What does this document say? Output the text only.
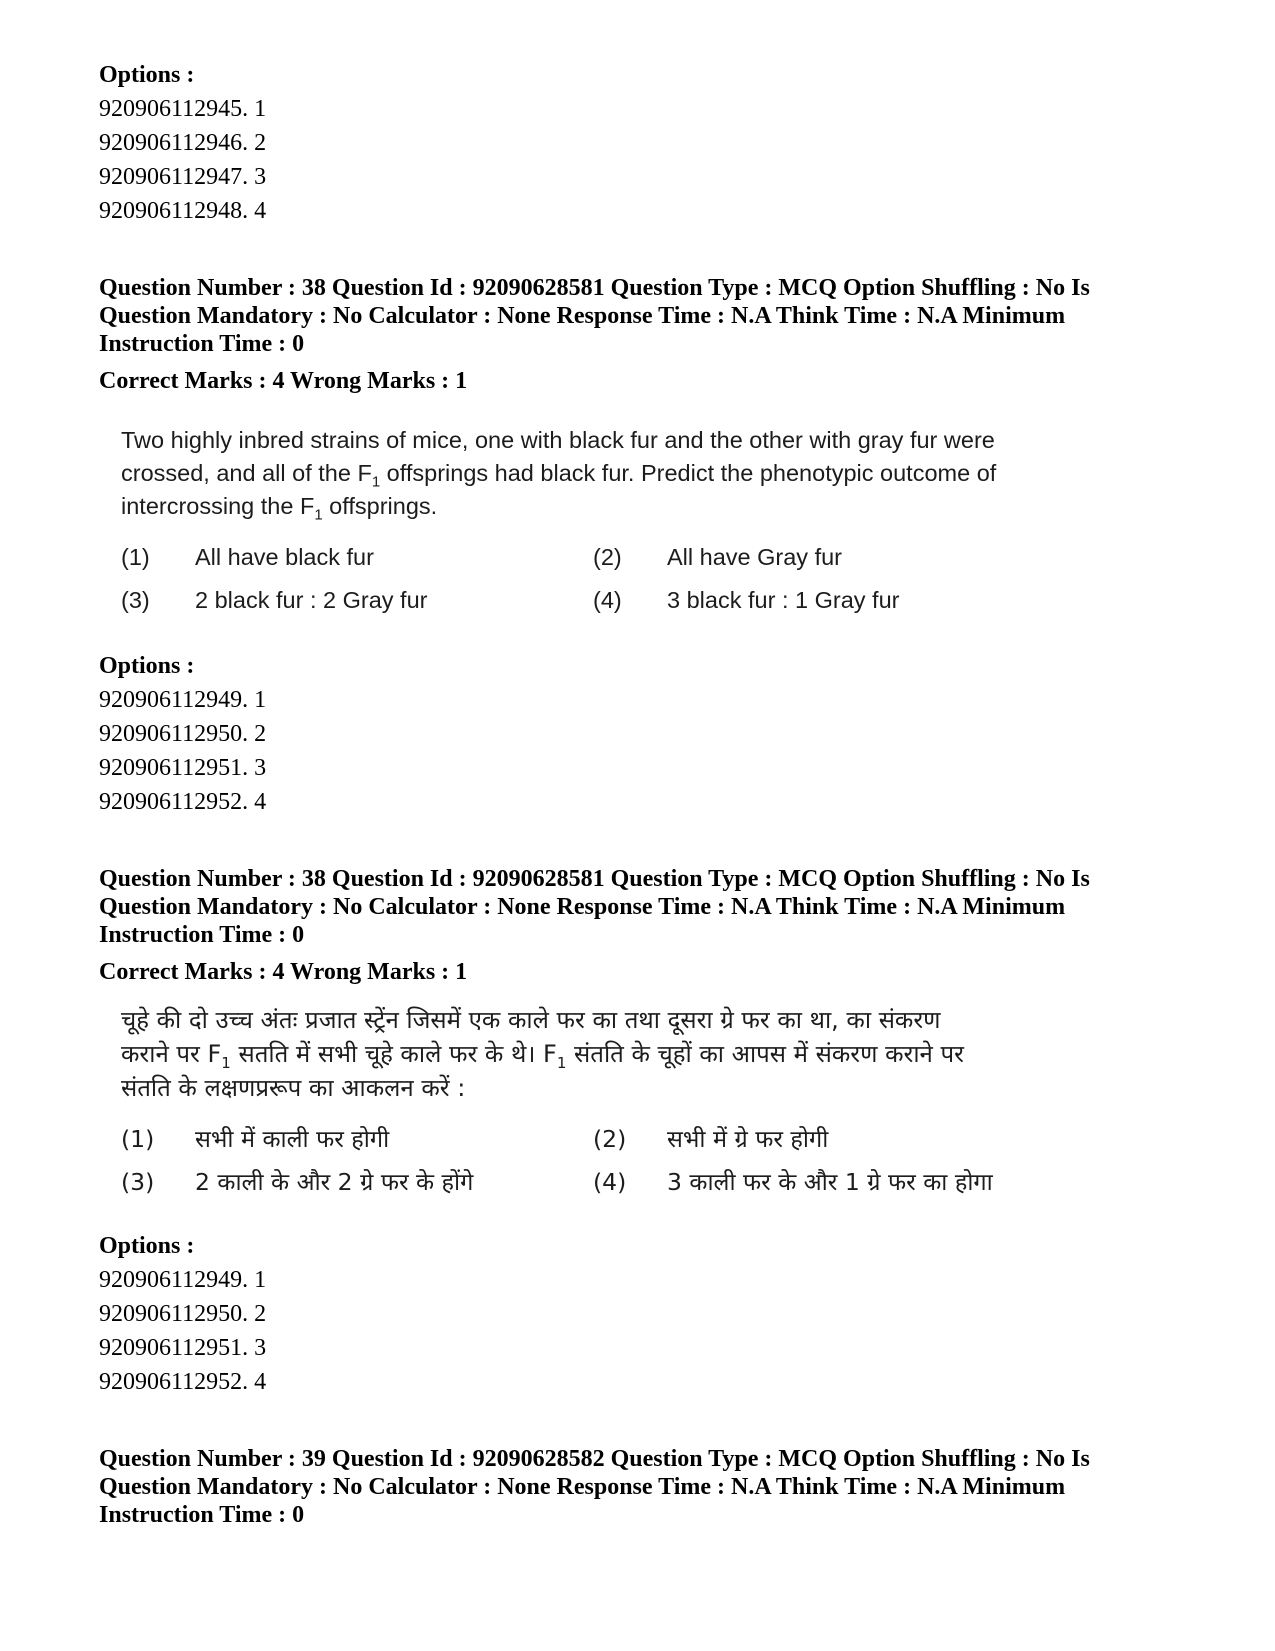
Options :
920906112945. 1
920906112946. 2
920906112947. 3
920906112948. 4
Question Number : 38 Question Id : 92090628581 Question Type : MCQ Option Shuffling : No Is
Question Mandatory : No Calculator : None Response Time : N.A Think Time : N.A Minimum
Instruction Time : 0
Correct Marks : 4 Wrong Marks : 1
Two highly inbred strains of mice, one with black fur and the other with gray fur were
crossed, and all of the $F_1$ offsprings had black fur. Predict the phenotypic outcome of
intercrossing the $F_1$ offsprings.
(1)	All have black fur	(2)	All have Gray fur
(3)	2 black fur : 2 Gray fur	(4)	3 black fur : 1 Gray fur
Options :
920906112949. 1
920906112950. 2
920906112951. 3
920906112952. 4
Question Number : 38 Question Id : 92090628581 Question Type : MCQ Option Shuffling : No Is
Question Mandatory : No Calculator : None Response Time : N.A Think Time : N.A Minimum
Instruction Time : 0
Correct Marks : 4 Wrong Marks : 1
चूहे की दो उच्च अंतः प्रजात स्ट्रेंन जिसमें एक काले फर का तथा दूसरा ग्रे फर का था, का संकरण
कराने पर $F_1$ सतति में सभी चूहे काले फर के थे। $F_1$ संतति के चूहों का आपस में संकरण कराने पर
संतति के लक्षणप्ररूप का आकलन करें :
(1)	सभी में काली फर होगी	(2)	सभी में ग्रे फर होगी
(3)	2 काली के और 2 ग्रे फर के होंगे	(4)	3 काली फर के और 1 ग्रे फर का होगा
Options :
920906112949. 1
920906112950. 2
920906112951. 3
920906112952. 4
Question Number : 39 Question Id : 92090628582 Question Type : MCQ Option Shuffling : No Is
Question Mandatory : No Calculator : None Response Time : N.A Think Time : N.A Minimum
Instruction Time : 0
